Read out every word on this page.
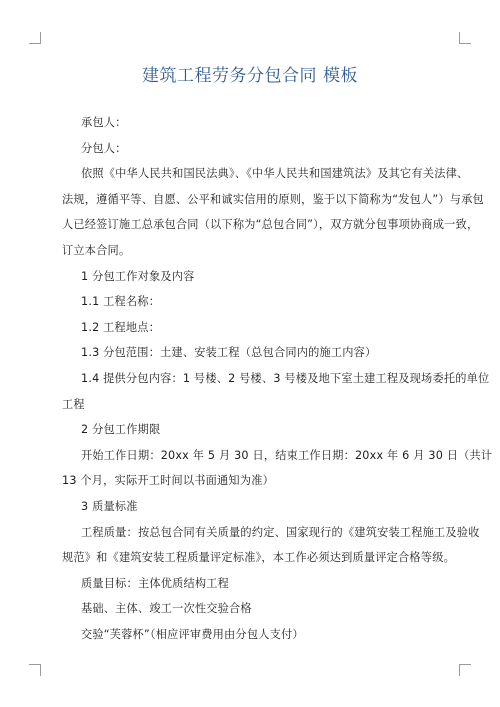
建筑工程劳务分包合同 模板
承包人：
分包人：
依照《中华人民共和国民法典》、《中华人民共和国建筑法》及其它有关法律、
法规，遵循平等、自愿、公平和诚实信用的原则，鉴于以下简称为“发包人”）与承包
人已经签订施工总承包合同（以下称为“总包合同”），双方就分包事项协商成一致，
订立本合同。
1 分包工作对象及内容
1.1 工程名称：
1.2 工程地点：
1.3 分包范围：土建、安装工程（总包合同内的施工内容）
1.4 提供分包内容：1 号楼、2 号楼、3 号楼及地下室土建工程及现场委托的单位
工程
2 分包工作期限
开始工作日期：20xx 年 5 月 30 日，结束工作日期：20xx 年 6 月 30 日（共计
13 个月，实际开工时间以书面通知为准）
3 质量标准
工程质量：按总包合同有关质量的约定、国家现行的《建筑安装工程施工及验收
规范》和《建筑安装工程质量评定标准》，本工作必须达到质量评定合格等级。
质量目标：主体优质结构工程
基础、主体、竣工一次性交验合格
交验“芙蓉杯”（相应评审费用由分包人支付）
